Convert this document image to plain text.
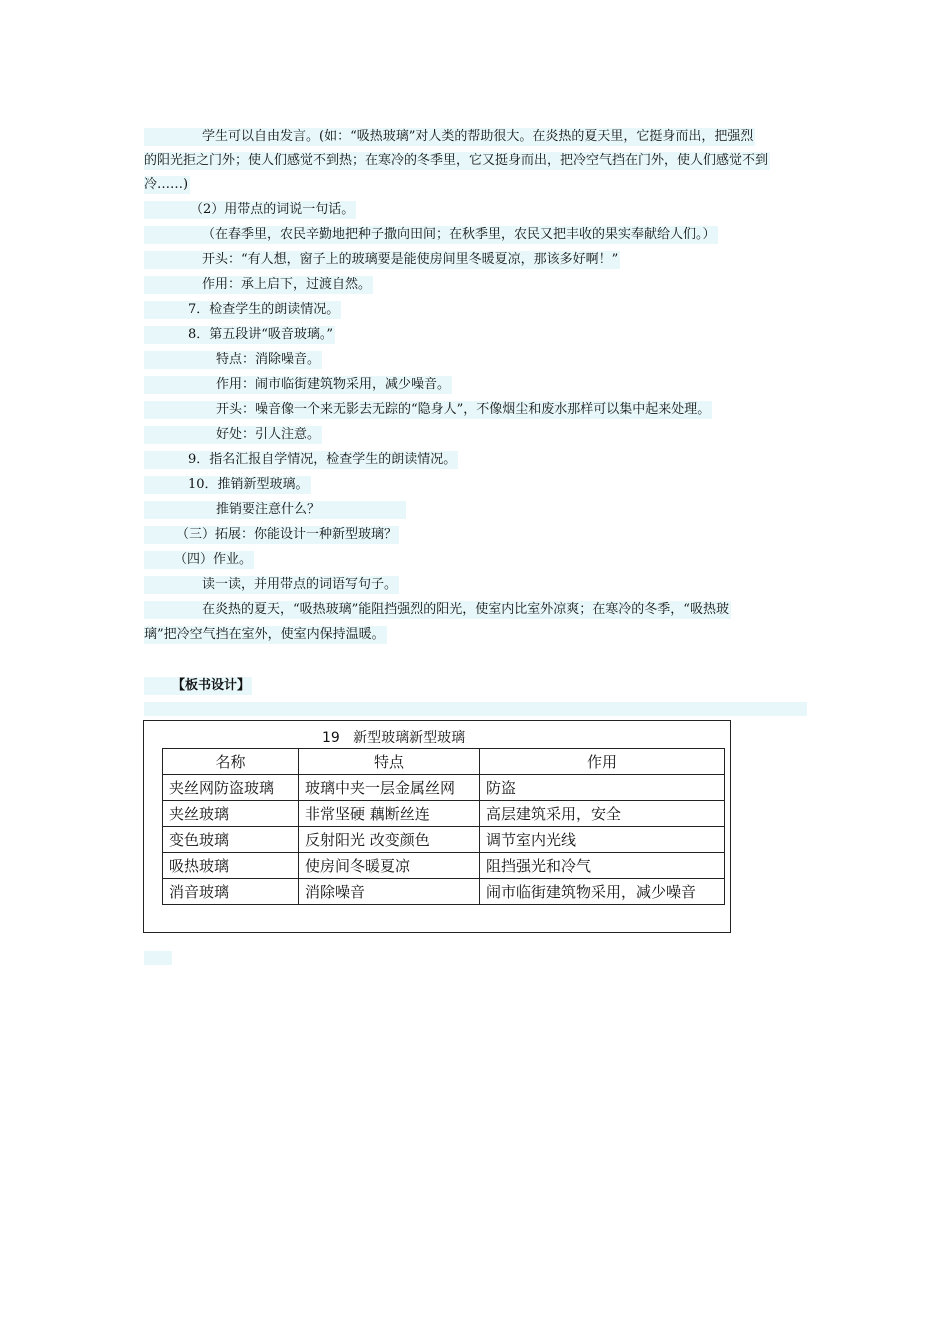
学生可以自由发言。(如：“吸热玻璃”对人类的帮助很大。在炎热的夏天里，它挺身而出，把强烈
的阳光拒之门外；使人们感觉不到热；在寒冷的冬季里，它又挺身而出，把冷空气挡在门外，使人们感觉不到
冷……)
（2）用带点的词说一句话。
（在春季里，农民辛勤地把种子撒向田间；在秋季里，农民又把丰收的果实奉献给人们。）
开头：“有人想，窗子上的玻璃要是能使房间里冬暖夏凉，那该多好啊！”
作用：承上启下，过渡自然。
7．检查学生的朗读情况。
8．第五段讲“吸音玻璃。”
特点：消除噪音。
作用：闹市临街建筑物采用，减少噪音。
开头：噪音像一个来无影去无踪的“隐身人”，不像烟尘和废水那样可以集中起来处理。
好处：引人注意。
9．指名汇报自学情况，检查学生的朗读情况。
10．推销新型玻璃。
推销要注意什么？
（三）拓展：你能设计一种新型玻璃？
（四）作业。
读一读，并用带点的词语写句子。
在炎热的夏天，“吸热玻璃”能阻挡强烈的阳光，使室内比室外凉爽；在寒冷的冬季，“吸热玻
璃”把冷空气挡在室外，使室内保持温暖。
【板书设计】
19   新型玻璃新型玻璃
名称	特点	作用
夹丝网防盗玻璃	玻璃中夹一层金属丝网	防盗
夹丝玻璃	非常坚硬 藕断丝连	高层建筑采用，安全
变色玻璃	反射阳光 改变颜色	调节室内光线
吸热玻璃	使房间冬暖夏凉	阻挡强光和冷气
消音玻璃	消除噪音	闹市临街建筑物采用，减少噪音
